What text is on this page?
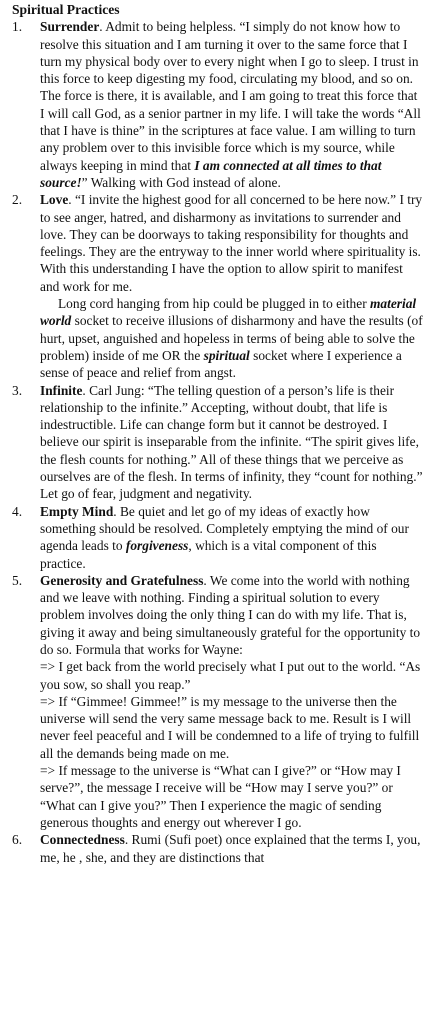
Spiritual Practices
1.	Surrender. Admit to being helpless. “I simply do not know how to resolve this situation and I am turning it over to the same force that I turn my physical body over to every night when I go to sleep. I trust in this force to keep digesting my food, circulating my blood, and so on. The force is there, it is available, and I am going to treat this force that I will call God, as a senior partner in my life. I will take the words “All that I have is thine” in the scriptures at face value. I am willing to turn any problem over to this invisible force which is my source, while always keeping in mind that I am connected at all times to that source!” Walking with God instead of alone.

2.	Love. “I invite the highest good for all concerned to be here now.” I try to see anger, hatred, and disharmony as invitations to surrender and love. They can be doorways to taking responsibility for thoughts and feelings. They are the entryway to the inner world where spirituality is. With this understanding I have the option to allow spirit to manifest and work for me.

Long cord hanging from hip could be plugged in to either material world socket to receive illusions of disharmony and have the results (of hurt, upset, anguished and hopeless in terms of being able to solve the problem) inside of me OR the spiritual socket where I experience a sense of peace and relief from angst.

3.	Infinite. Carl Jung: “The telling question of a person’s life is their relationship to the infinite.” Accepting, without doubt, that life is indestructible. Life can change form but it cannot be destroyed. I believe our spirit is inseparable from the infinite. “The spirit gives life, the flesh counts for nothing.” All of these things that we perceive as ourselves are of the flesh. In terms of infinity, they “count for nothing.” Let go of fear, judgment and negativity.

4.	Empty Mind. Be quiet and let go of my ideas of exactly how something should be resolved. Completely emptying the mind of our agenda leads to forgiveness, which is a vital component of this practice.

5.	Generosity and Gratefulness. We come into the world with nothing and we leave with nothing. Finding a spiritual solution to every problem involves doing the only thing I can do with my life. That is, giving it away and being simultaneously grateful for the opportunity to do so. Formula that works for Wayne:

=> I get back from the world precisely what I put out to the world. “As you sow, so shall you reap.”

=> If “Gimmee! Gimmee!” is my message to the universe then the universe will send the very same message back to me. Result is I will never feel peaceful and I will be condemned to a life of trying to fulfill all the demands being made on me.

=> If message to the universe is “What can I give?” or “How may I serve?”, the message I receive will be “How may I serve you?” or “What can I give you?” Then I experience the magic of sending generous thoughts and energy out wherever I go.

6.	Connectedness. Rumi (Sufi poet) once explained that the terms I, you, me, he , she, and they are distinctions that
